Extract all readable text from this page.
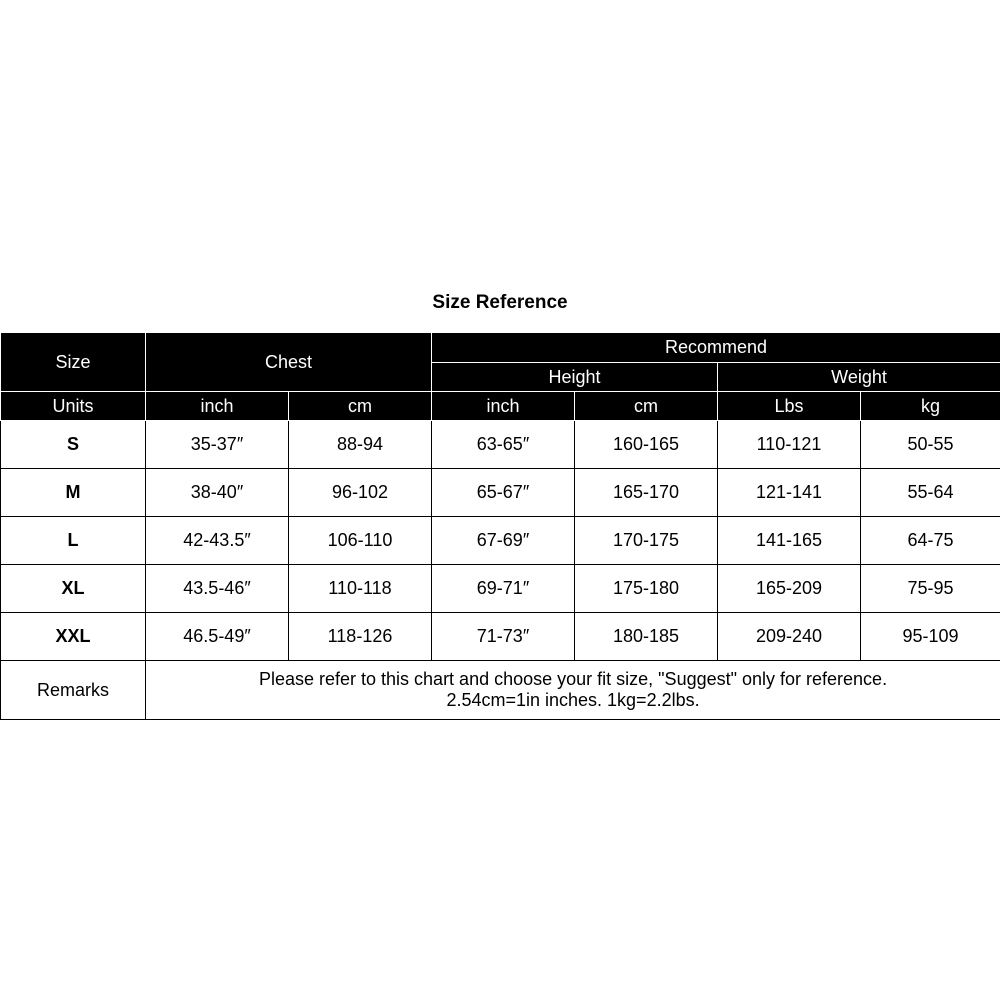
Size Reference
Size	Chest		Recommend			
			Height		Weight	
Units	inch	cm	inch	cm	Lbs	kg
S	35-37″	88-94	63-65″	160-165	110-121	50-55
M	38-40″	96-102	65-67″	165-170	121-141	55-64
L	42-43.5″	106-110	67-69″	170-175	141-165	64-75
XL	43.5-46″	110-118	69-71″	175-180	165-209	75-95
XXL	46.5-49″	118-126	71-73″	180-185	209-240	95-109
Remarks	Please refer to this chart and choose your fit size, "Suggest" only for reference.
2.54cm=1in inches. 1kg=2.2lbs.					
